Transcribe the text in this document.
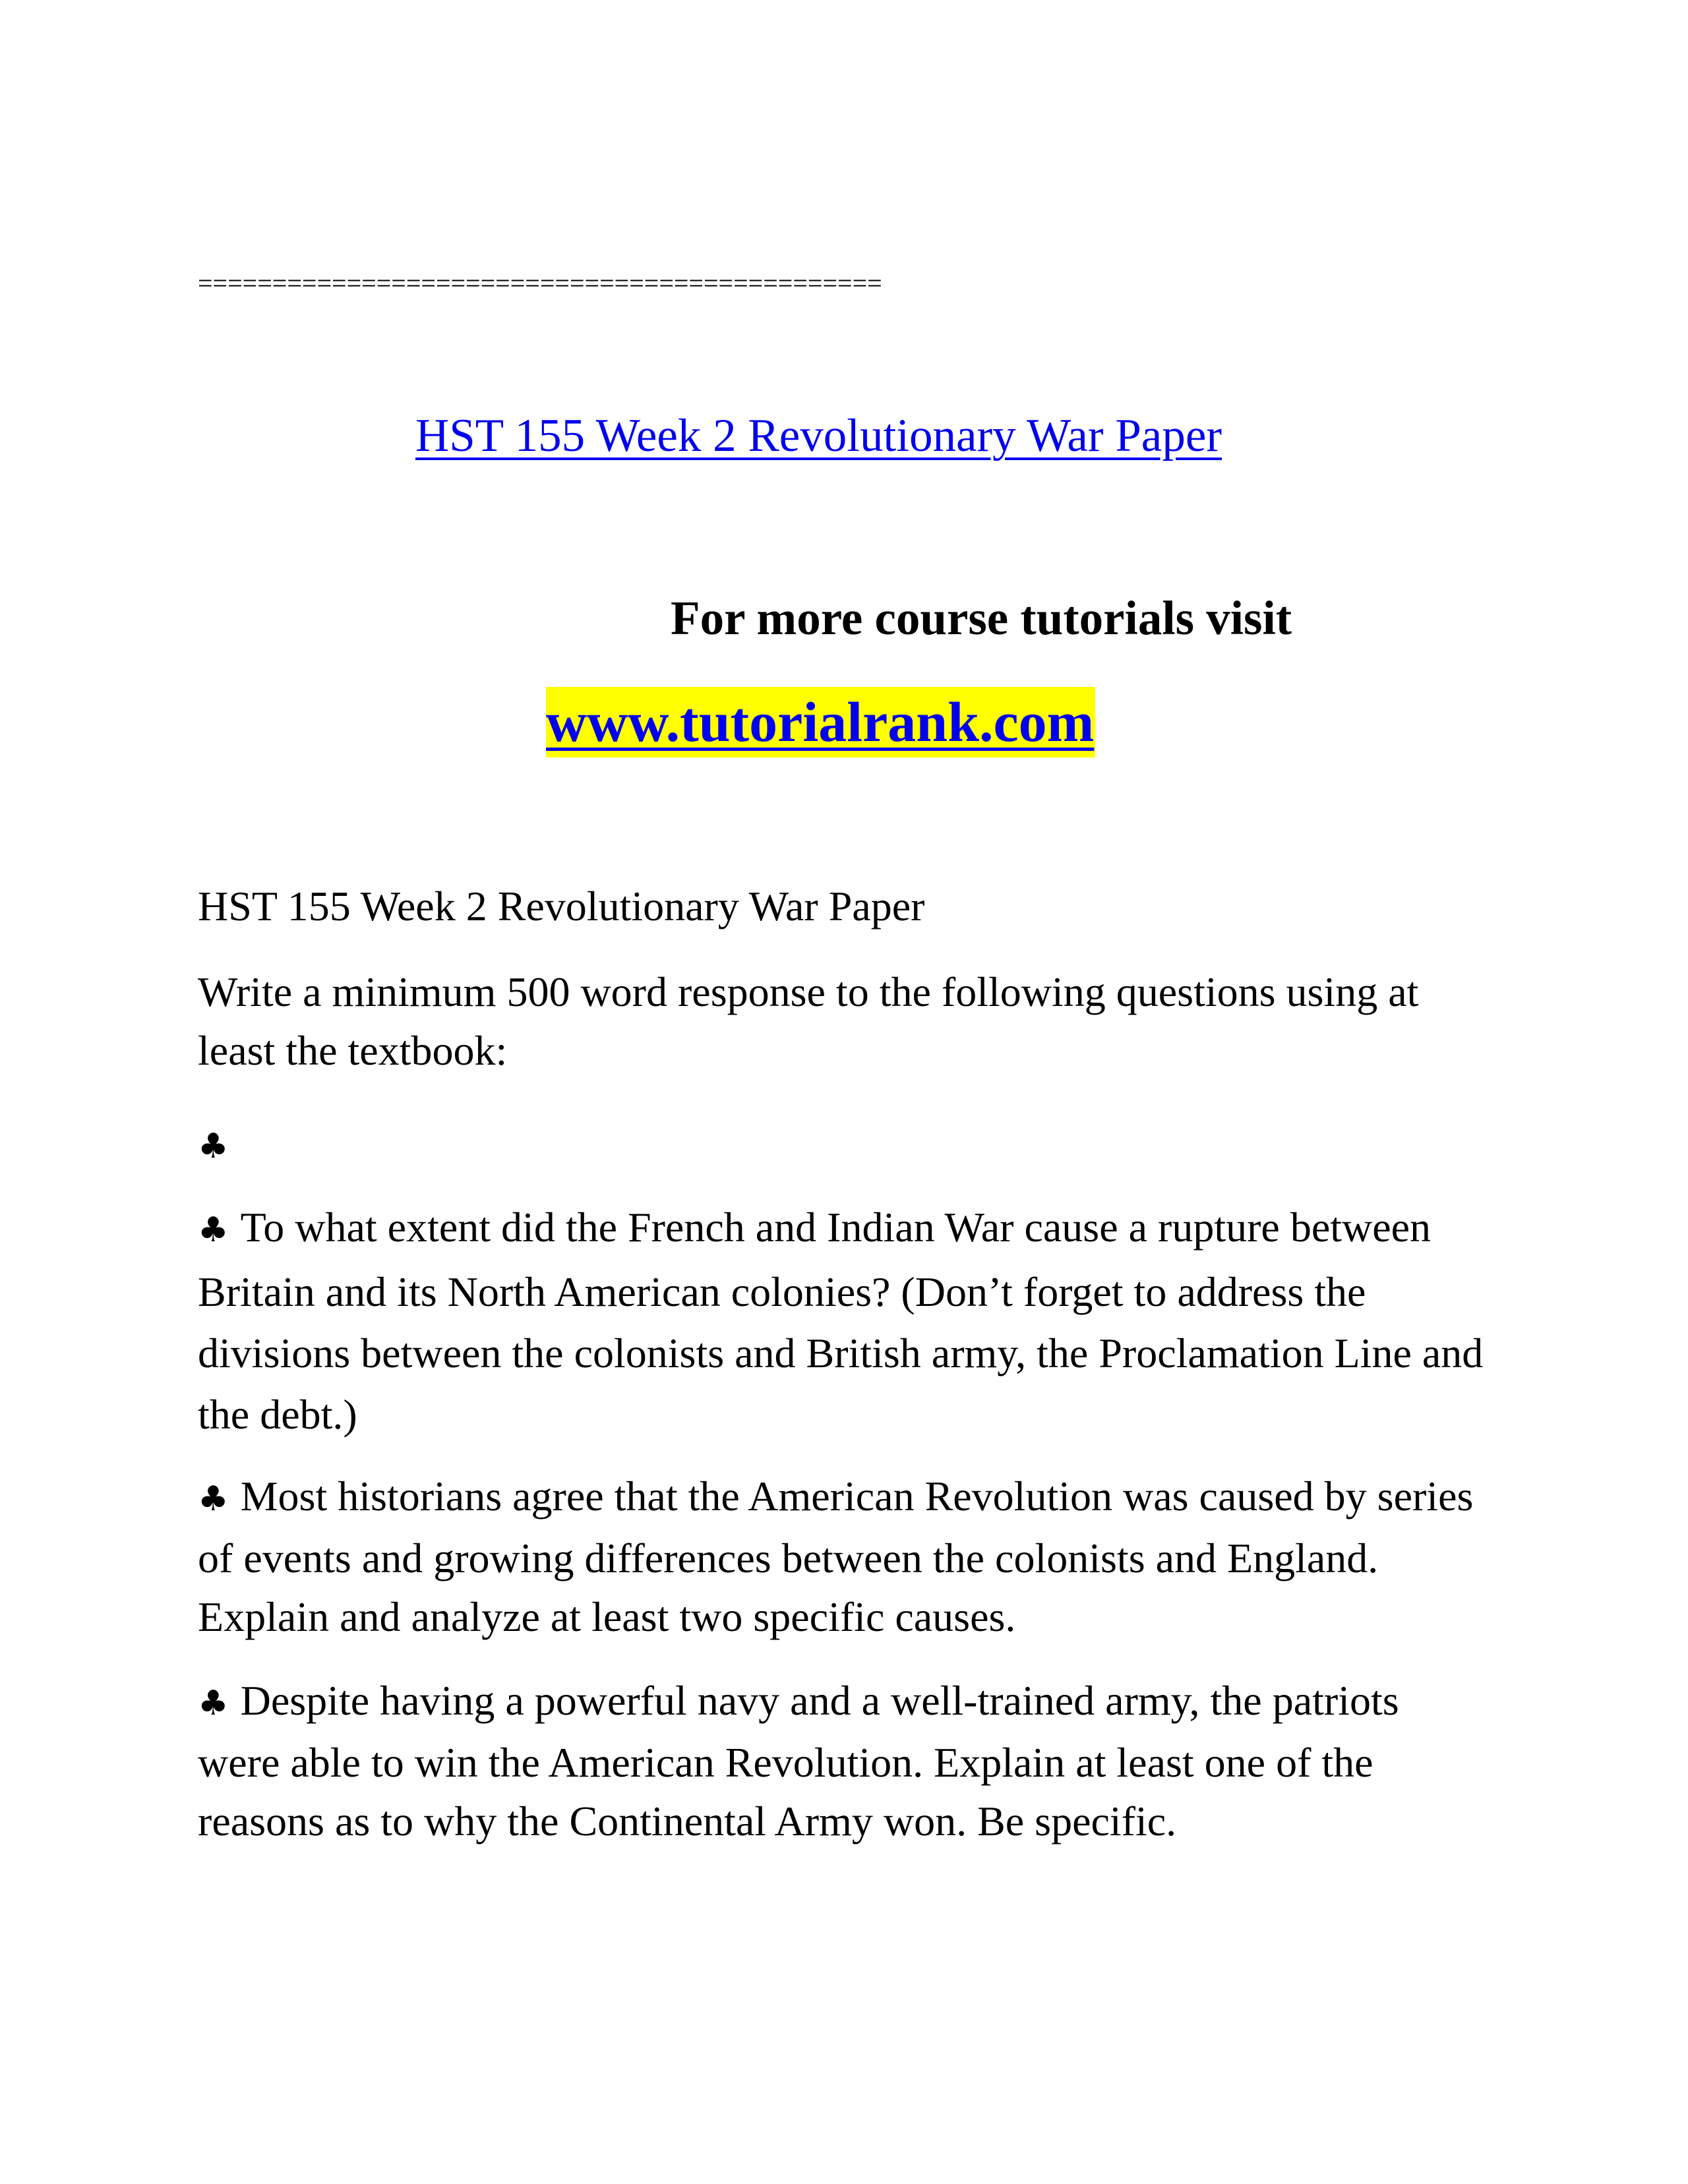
==============================================
HST 155 Week 2 Revolutionary War Paper
For more course tutorials visit
www.tutorialrank.com
HST 155 Week 2 Revolutionary War Paper
Write a minimum 500 word response to the following questions using at least the textbook:
♣
♣ To what extent did the French and Indian War cause a rupture between Britain and its North American colonies? (Don’t forget to address the divisions between the colonists and British army, the Proclamation Line and the debt.)
♣ Most historians agree that the American Revolution was caused by series of events and growing differences between the colonists and England. Explain and analyze at least two specific causes.
♣ Despite having a powerful navy and a well-trained army, the patriots were able to win the American Revolution. Explain at least one of the reasons as to why the Continental Army won. Be specific.
